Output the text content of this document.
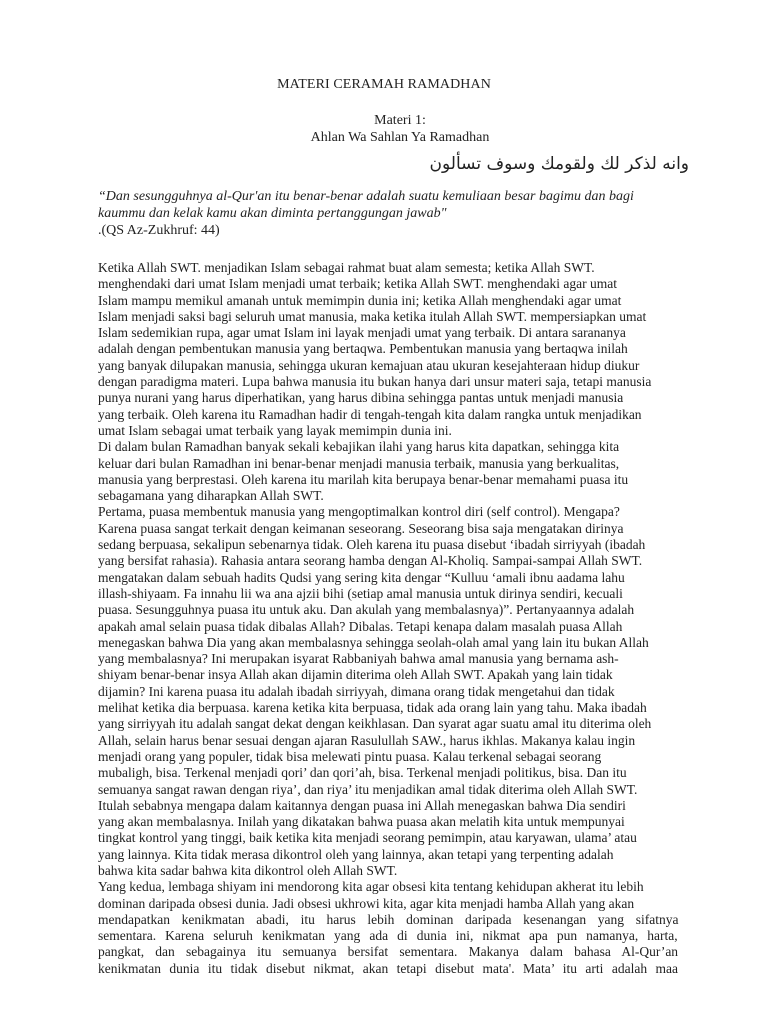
MATERI CERAMAH RAMADHAN
Materi 1:
Ahlan Wa Sahlan Ya Ramadhan
وانه لذكر لك ولقومك وسوف تسألون
“Dan sesungguhnya al-Qur'an itu benar-benar adalah suatu kemuliaan besar bagimu dan bagi
kaummu dan kelak kamu akan diminta pertanggungan jawab"
.(QS Az-Zukhruf: 44)
Ketika Allah SWT. menjadikan Islam sebagai rahmat buat alam semesta; ketika Allah SWT.
menghendaki dari umat Islam menjadi umat terbaik; ketika Allah SWT. menghendaki agar umat
Islam mampu memikul amanah untuk memimpin dunia ini; ketika Allah menghendaki agar umat
Islam menjadi saksi bagi seluruh umat manusia, maka ketika itulah Allah SWT. mempersiapkan umat
Islam sedemikian rupa, agar umat Islam ini layak menjadi umat yang terbaik. Di antara sarananya
adalah dengan pembentukan manusia yang bertaqwa. Pembentukan manusia yang bertaqwa inilah
yang banyak dilupakan manusia, sehingga ukuran kemajuan atau ukuran kesejahteraan hidup diukur
dengan paradigma materi. Lupa bahwa manusia itu bukan hanya dari unsur materi saja, tetapi manusia
punya nurani yang harus diperhatikan, yang harus dibina sehingga pantas untuk menjadi manusia
yang terbaik. Oleh karena itu Ramadhan hadir di tengah-tengah kita dalam rangka untuk menjadikan
umat Islam sebagai umat terbaik yang layak memimpin dunia ini.
Di dalam bulan Ramadhan banyak sekali kebajikan ilahi yang harus kita dapatkan, sehingga kita
keluar dari bulan Ramadhan ini benar-benar menjadi manusia terbaik, manusia yang berkualitas,
manusia yang berprestasi. Oleh karena itu marilah kita berupaya benar-benar memahami puasa itu
sebagamana yang diharapkan Allah SWT.
Pertama, puasa membentuk manusia yang mengoptimalkan kontrol diri (self control). Mengapa?
Karena puasa sangat terkait dengan keimanan seseorang. Seseorang bisa saja mengatakan dirinya
sedang berpuasa, sekalipun sebenarnya tidak. Oleh karena itu puasa disebut ‘ibadah sirriyyah (ibadah
yang bersifat rahasia). Rahasia antara seorang hamba dengan Al-Kholiq. Sampai-sampai Allah SWT.
mengatakan dalam sebuah hadits Qudsi yang sering kita dengar “Kulluu ‘amali ibnu aadama lahu
illash-shiyaam. Fa innahu lii wa ana ajzii bihi (setiap amal manusia untuk dirinya sendiri, kecuali
puasa. Sesungguhnya puasa itu untuk aku. Dan akulah yang membalasnya)”. Pertanyaannya adalah
apakah amal selain puasa tidak dibalas Allah? Dibalas. Tetapi kenapa dalam masalah puasa Allah
menegaskan bahwa Dia yang akan membalasnya sehingga seolah-olah amal yang lain itu bukan Allah
yang membalasnya? Ini merupakan isyarat Rabbaniyah bahwa amal manusia yang bernama ash-
shiyam benar-benar insya Allah akan dijamin diterima oleh Allah SWT. Apakah yang lain tidak
dijamin? Ini karena puasa itu adalah ibadah sirriyyah, dimana orang tidak mengetahui dan tidak
melihat ketika dia berpuasa. karena ketika kita berpuasa, tidak ada orang lain yang tahu. Maka ibadah
yang sirriyyah itu adalah sangat dekat dengan keikhlasan. Dan syarat agar suatu amal itu diterima oleh
Allah, selain harus benar sesuai dengan ajaran Rasulullah SAW., harus ikhlas. Makanya kalau ingin
menjadi orang yang populer, tidak bisa melewati pintu puasa. Kalau terkenal sebagai seorang
mubaligh, bisa. Terkenal menjadi qori’ dan qori’ah, bisa. Terkenal menjadi politikus, bisa. Dan itu
semuanya sangat rawan dengan riya’, dan riya’ itu menjadikan amal tidak diterima oleh Allah SWT.
Itulah sebabnya mengapa dalam kaitannya dengan puasa ini Allah menegaskan bahwa Dia sendiri
yang akan membalasnya. Inilah yang dikatakan bahwa puasa akan melatih kita untuk mempunyai
tingkat kontrol yang tinggi, baik ketika kita menjadi seorang pemimpin, atau karyawan, ulama’ atau
yang lainnya. Kita tidak merasa dikontrol oleh yang lainnya, akan tetapi yang terpenting adalah
bahwa kita sadar bahwa kita dikontrol oleh Allah SWT.
Yang kedua, lembaga shiyam ini mendorong kita agar obsesi kita tentang kehidupan akherat itu lebih
dominan daripada obsesi dunia. Jadi obsesi ukhrowi kita, agar kita menjadi hamba Allah yang akan
mendapatkan kenikmatan abadi, itu harus lebih dominan daripada kesenangan yang sifatnya
sementara. Karena seluruh kenikmatan yang ada di dunia ini, nikmat apa pun namanya, harta,
pangkat, dan sebagainya itu semuanya bersifat sementara. Makanya dalam bahasa Al-Qur’an
kenikmatan dunia itu tidak disebut nikmat, akan tetapi disebut mata'. Mata’ itu arti adalah maa
